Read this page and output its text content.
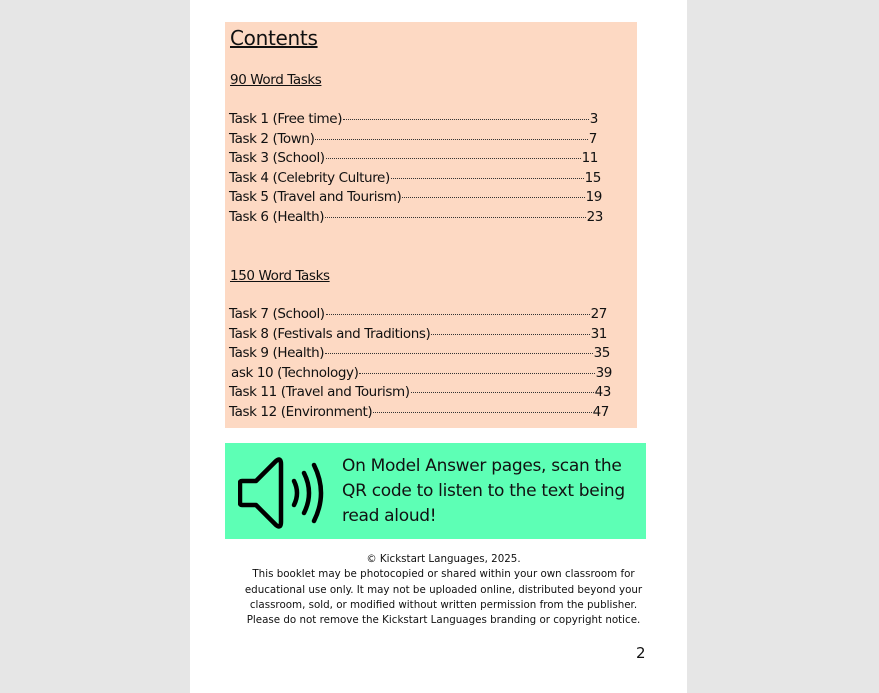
Contents
90 Word Tasks
Task 1 (Free time)	3
Task 2 (Town)	7
Task 3 (School)	11
Task 4 (Celebrity Culture)	15
Task 5 (Travel and Tourism)	19
Task 6 (Health)	23
150 Word Tasks
Task 7 (School)	27
Task 8 (Festivals and Traditions)	31
Task 9 (Health)	35
ask 10 (Technology)	39
Task 11 (Travel and Tourism)	43
Task 12 (Environment)	47
On Model Answer pages, scan the QR code to listen to the text being read aloud!
© Kickstart Languages, 2025.
This booklet may be photocopied or shared within your own classroom for
educational use only. It may not be uploaded online, distributed beyond your
classroom, sold, or modified without written permission from the publisher.
Please do not remove the Kickstart Languages branding or copyright notice.
2
